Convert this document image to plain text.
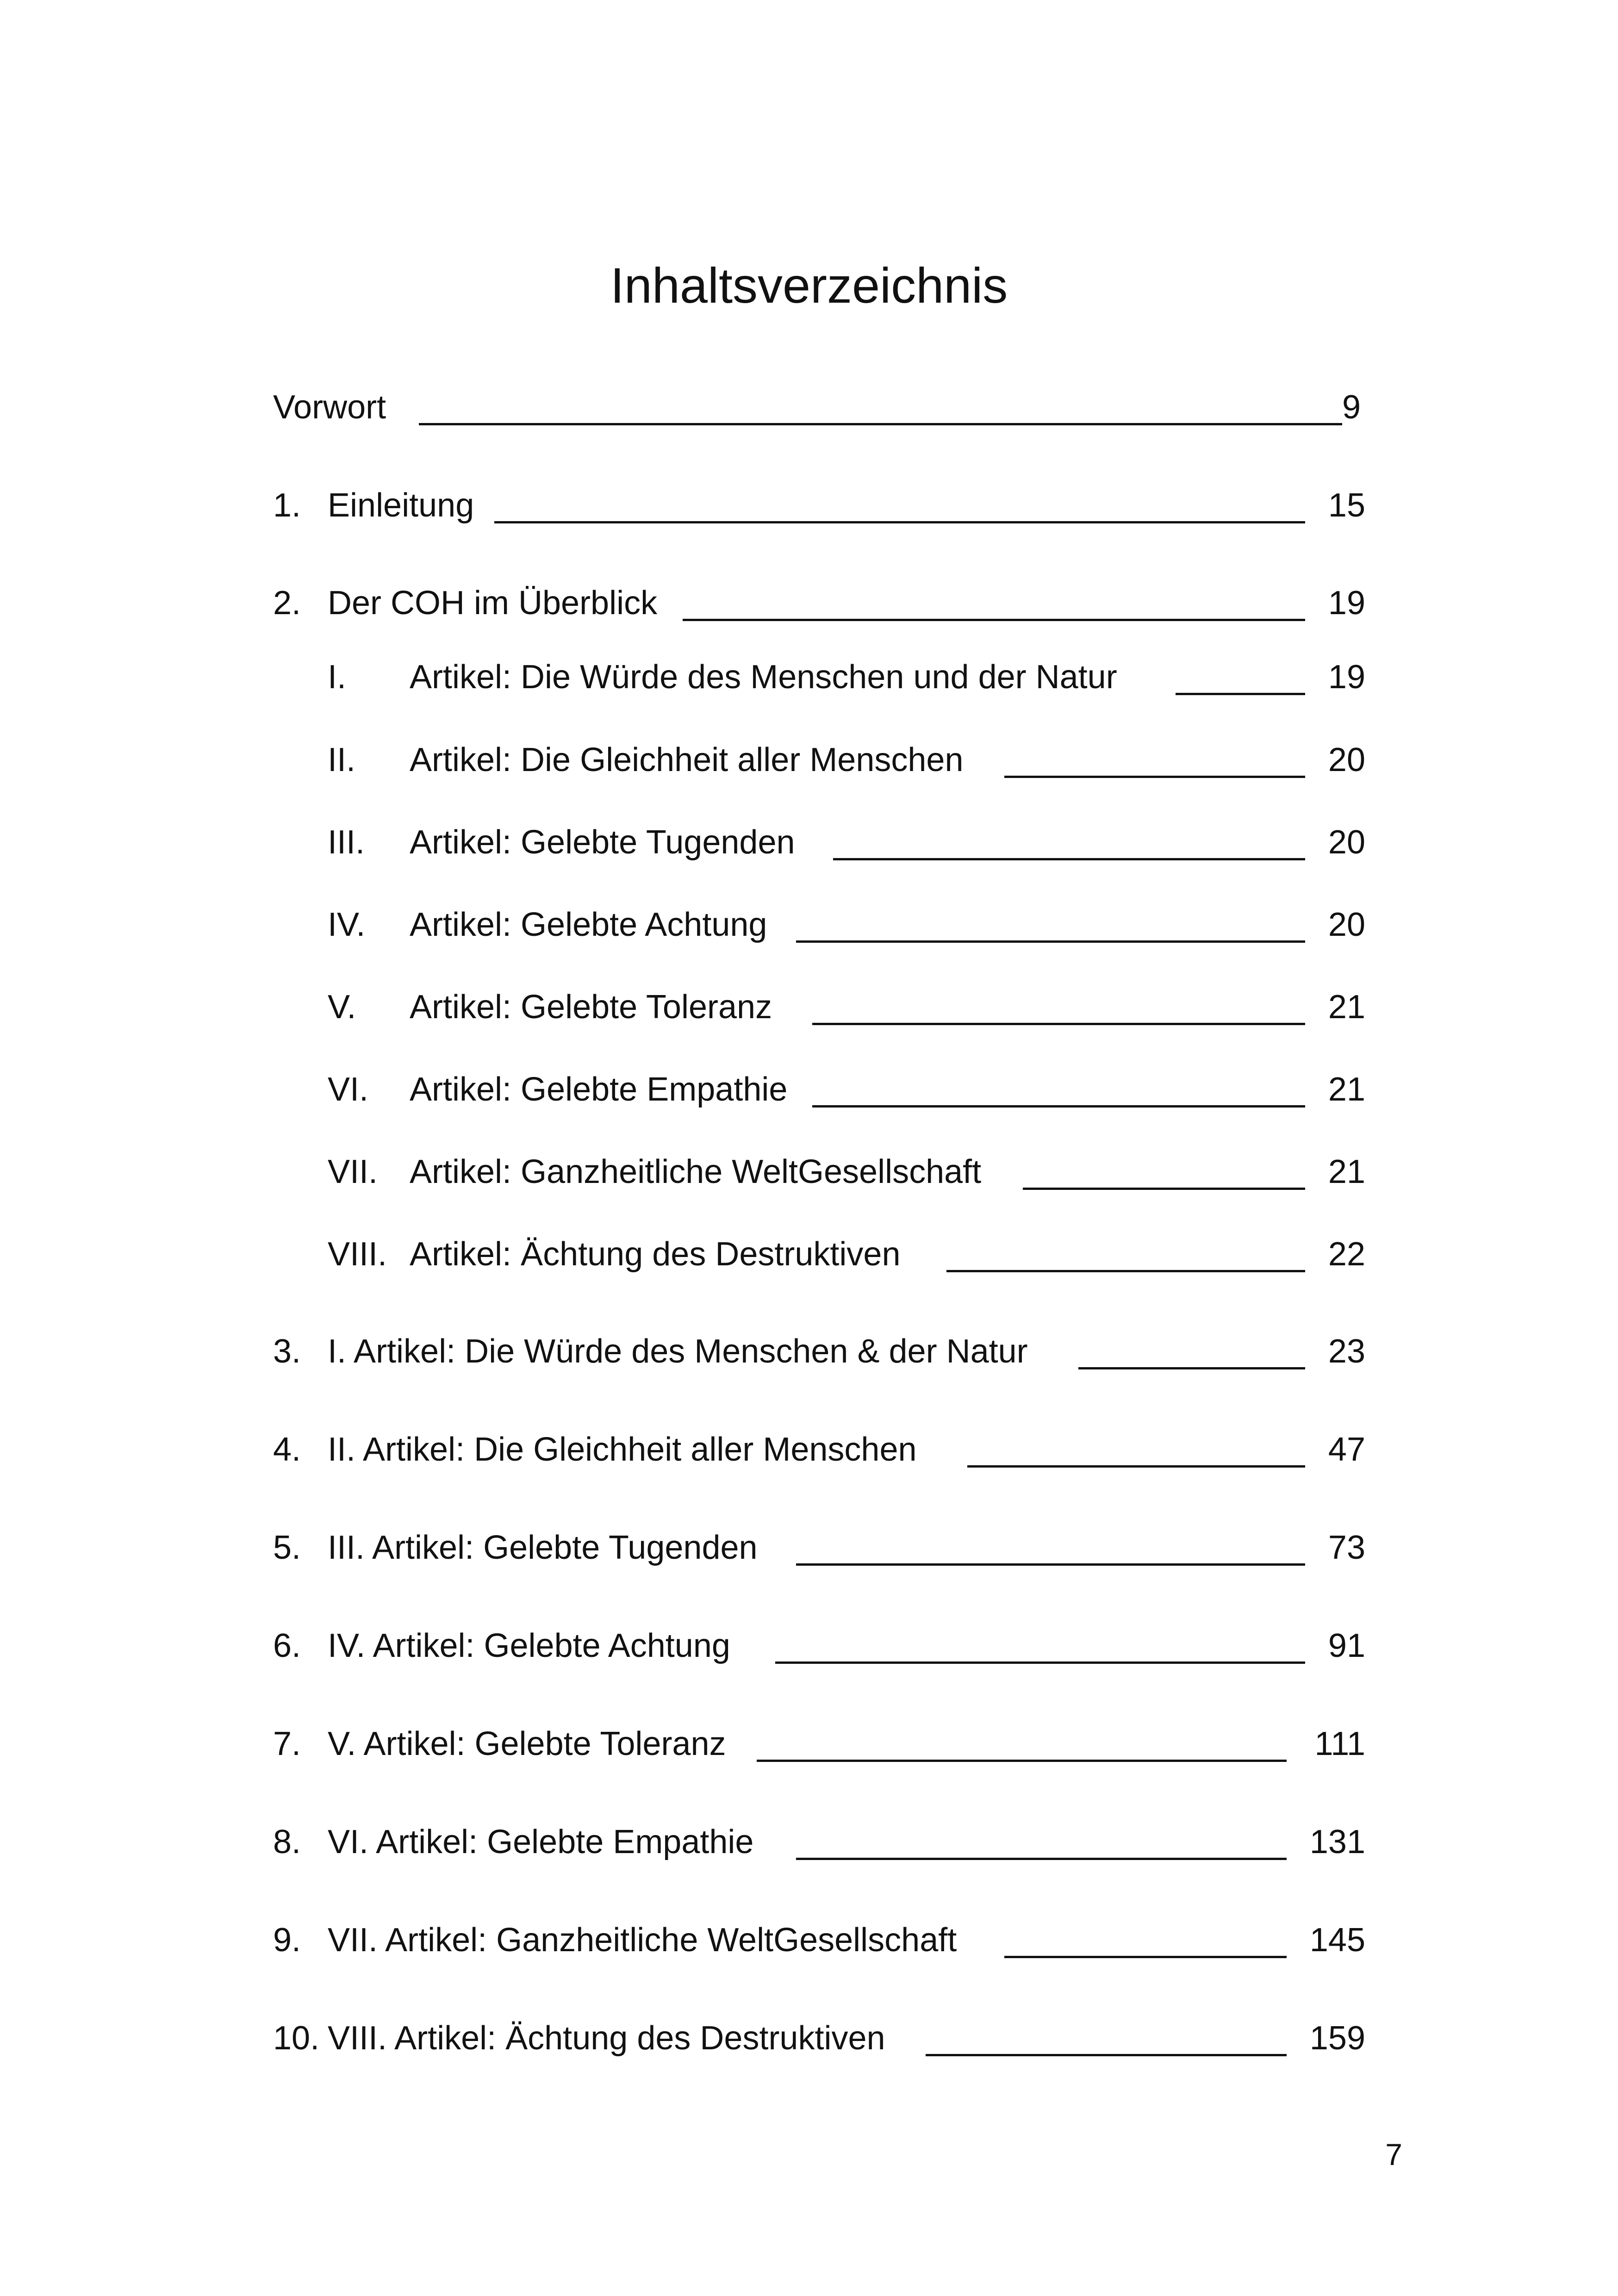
Inhaltsverzeichnis
Vorwort	9
1. Einleitung	15
2. Der COH im Überblick	19
I. Artikel: Die Würde des Menschen und der Natur	19
II. Artikel: Die Gleichheit aller Menschen	20
III. Artikel: Gelebte Tugenden	20
IV. Artikel: Gelebte Achtung	20
V. Artikel: Gelebte Toleranz	21
VI. Artikel: Gelebte Empathie	21
VII. Artikel: Ganzheitliche WeltGesellschaft	21
VIII. Artikel: Ächtung des Destruktiven	22
3. I. Artikel: Die Würde des Menschen & der Natur	23
4. II. Artikel: Die Gleichheit aller Menschen	47
5. III. Artikel: Gelebte Tugenden	73
6. IV. Artikel: Gelebte Achtung	91
7. V. Artikel: Gelebte Toleranz	111
8. VI. Artikel: Gelebte Empathie	131
9. VII. Artikel: Ganzheitliche WeltGesellschaft	145
10. VIII. Artikel: Ächtung des Destruktiven	159
7
